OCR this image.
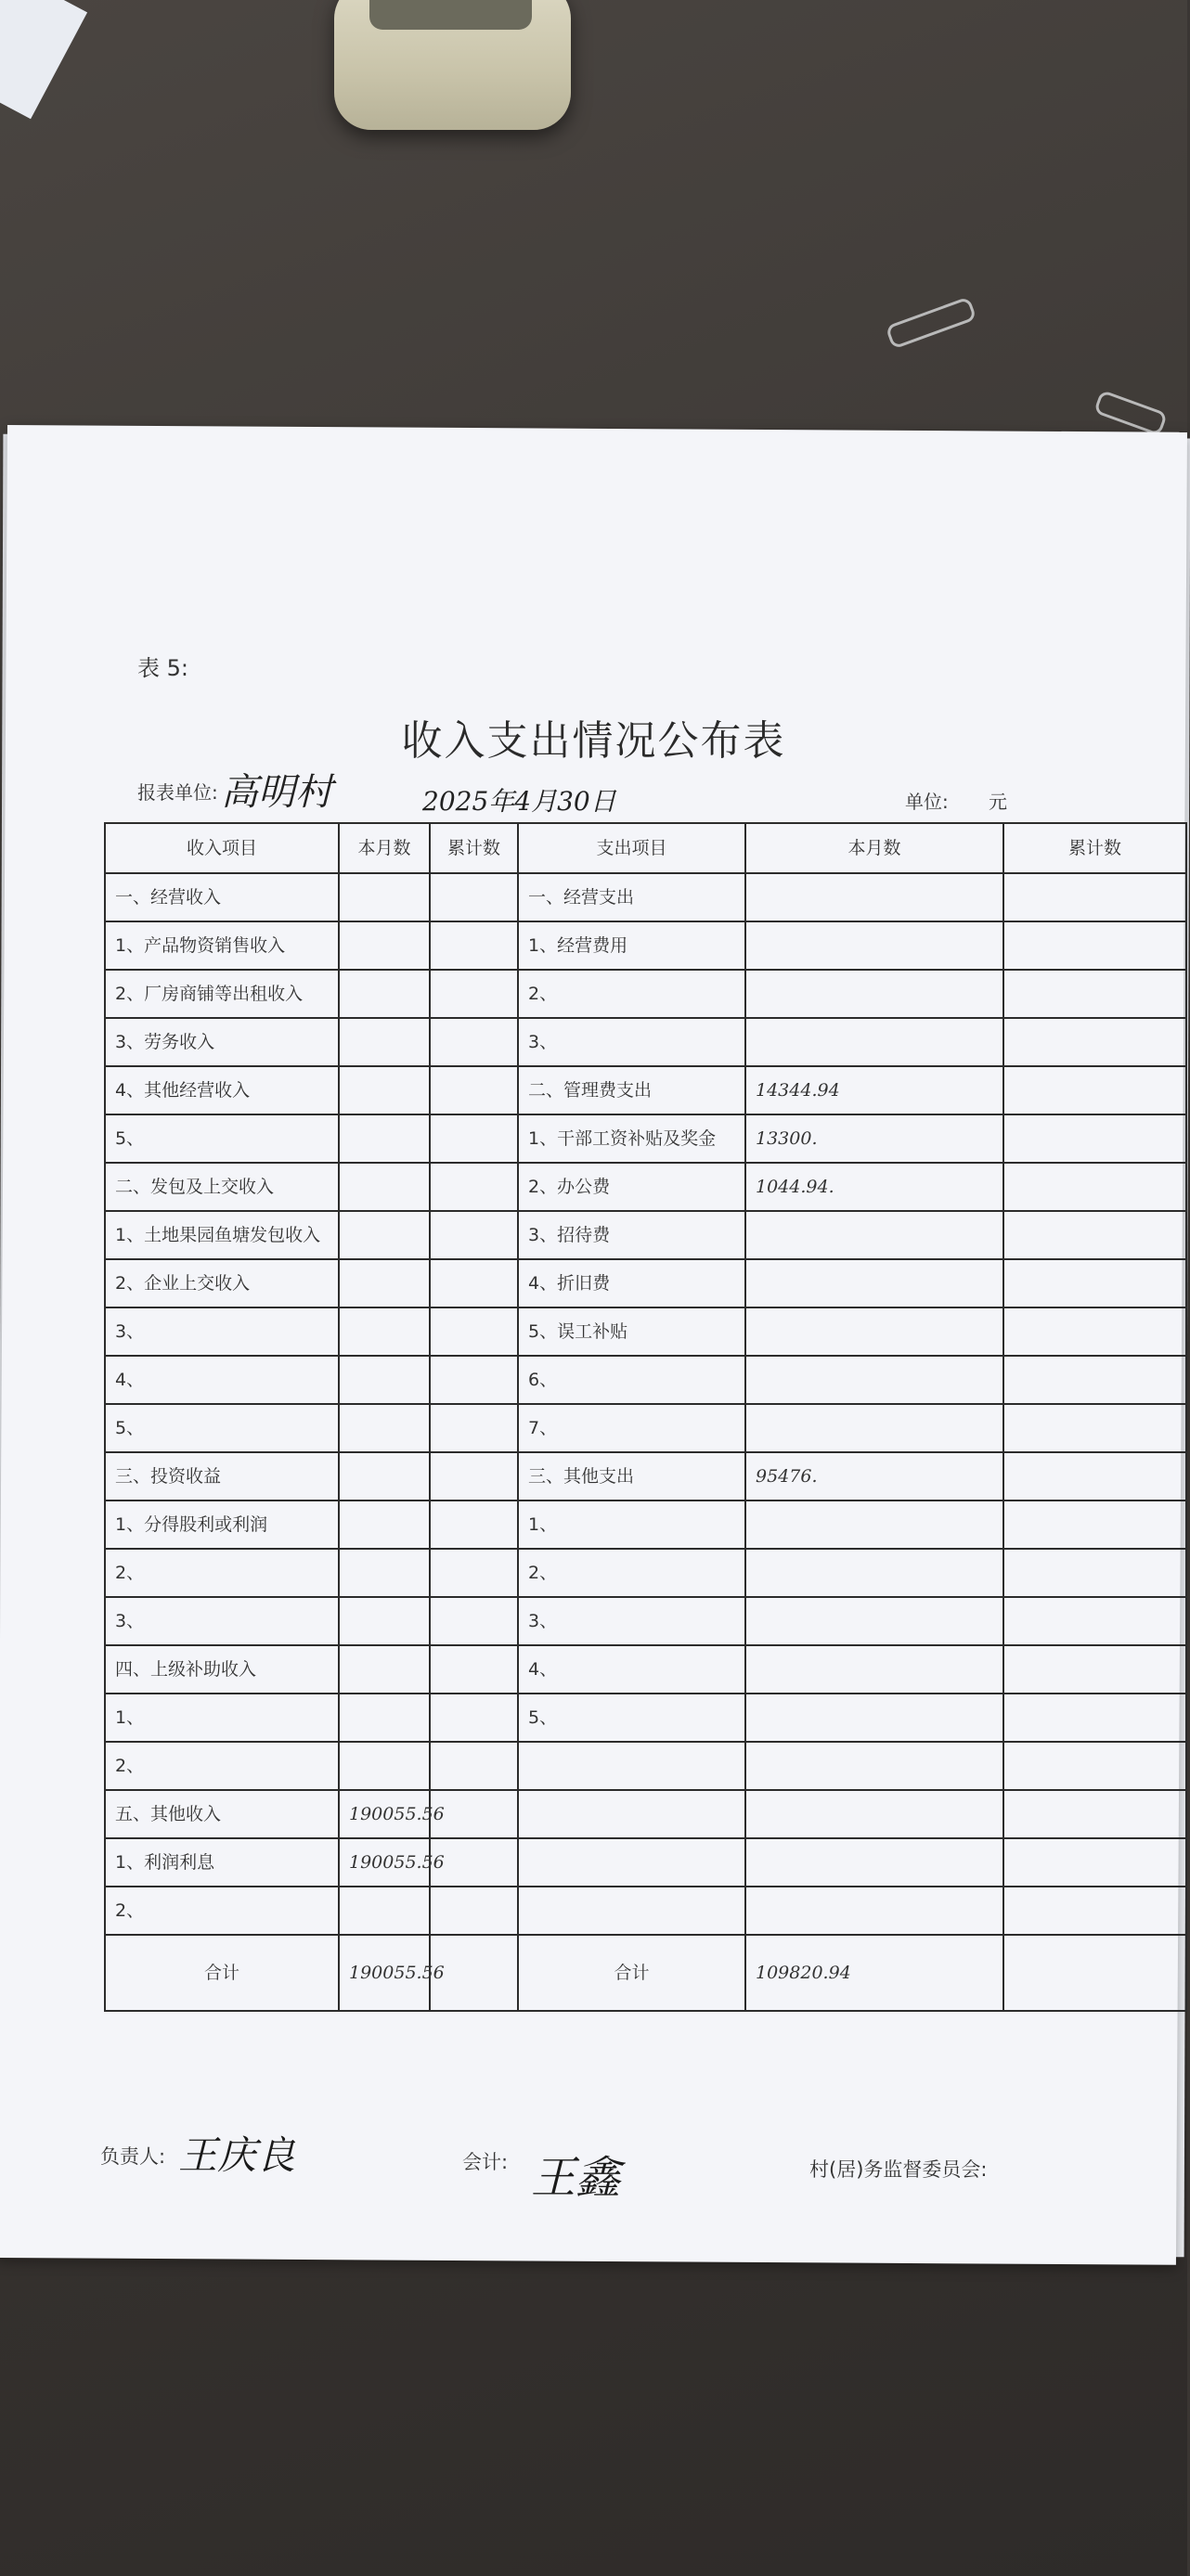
表 5:
收入支出情况公布表
报表单位: 高明村	2025年4月30日	单位: 元
收入项目	本月数	累计数	支出项目	本月数	累计数
一、经营收入			一、经营支出		
1、产品物资销售收入			1、经营费用		
2、厂房商铺等出租收入			2、		
3、劳务收入			3、		
4、其他经营收入			二、管理费支出	14344.94	
5、			1、干部工资补贴及奖金	13300.	
二、发包及上交收入			2、办公费	1044.94.	
1、土地果园鱼塘发包收入			3、招待费		
2、企业上交收入			4、折旧费		
3、			5、误工补贴		
4、			6、		
5、			7、		
三、投资收益			三、其他支出	95476.	
1、分得股利或利润			1、		
2、			2、		
3、			3、		
四、上级补助收入			4、		
1、			5、		
2、					
五、其他收入	190055.56				
1、利润利息	190055.56				
2、					
合计	190055.56		合计	109820.94	
负责人: 王庆良	会计: 王鑫	村(居)务监督委员会:
